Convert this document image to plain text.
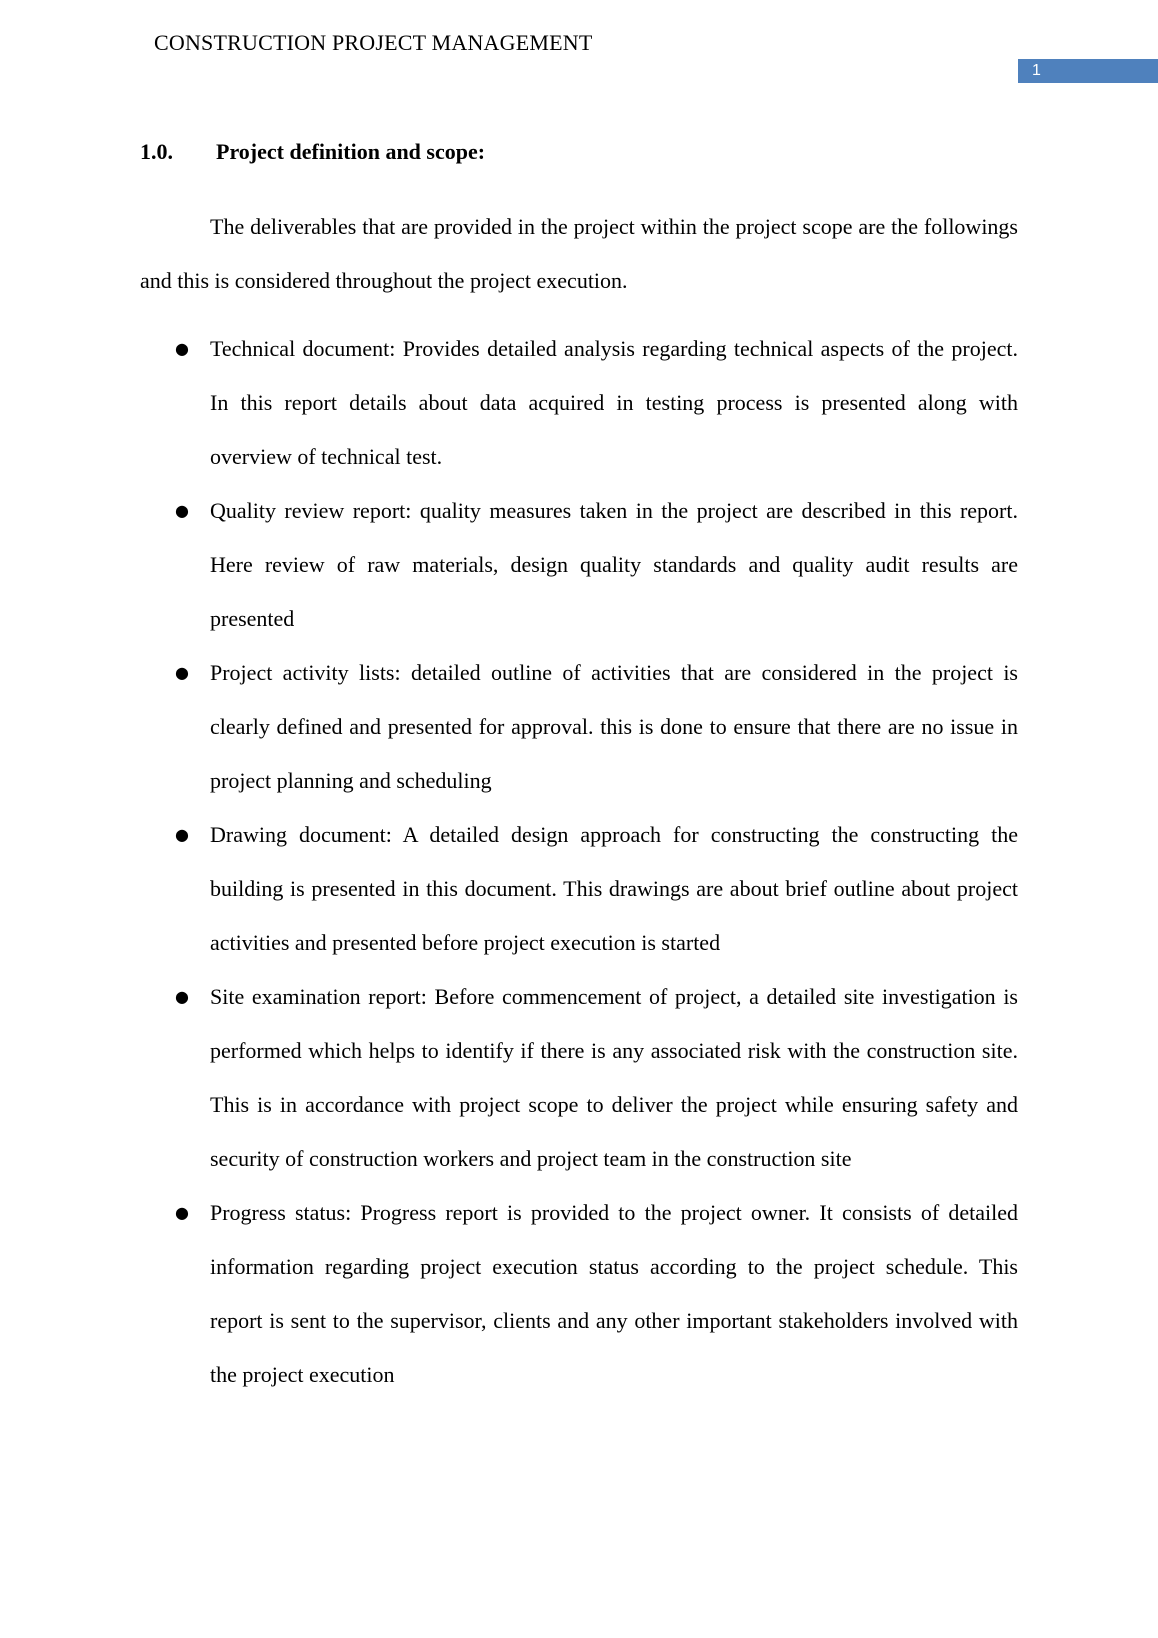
CONSTRUCTION PROJECT MANAGEMENT
1
1.0.	Project definition and scope:

The deliverables that are provided in the project within the project scope are the followings and this is considered throughout the project execution.

● Technical document: Provides detailed analysis regarding technical aspects of the project. In this report details about data acquired in testing process is presented along with overview of technical test.
● Quality review report: quality measures taken in the project are described in this report. Here review of raw materials, design quality standards and quality audit results are presented
● Project activity lists: detailed outline of activities that are considered in the project is clearly defined and presented for approval. this is done to ensure that there are no issue in project planning and scheduling
● Drawing document: A detailed design approach for constructing the constructing the building is presented in this document. This drawings are about brief outline about project activities and presented before project execution is started
● Site examination report: Before commencement of project, a detailed site investigation is performed which helps to identify if there is any associated risk with the construction site. This is in accordance with project scope to deliver the project while ensuring safety and security of construction workers and project team in the construction site
● Progress status: Progress report is provided to the project owner. It consists of detailed information regarding project execution status according to the project schedule. This report is sent to the supervisor, clients and any other important stakeholders involved with the project execution
